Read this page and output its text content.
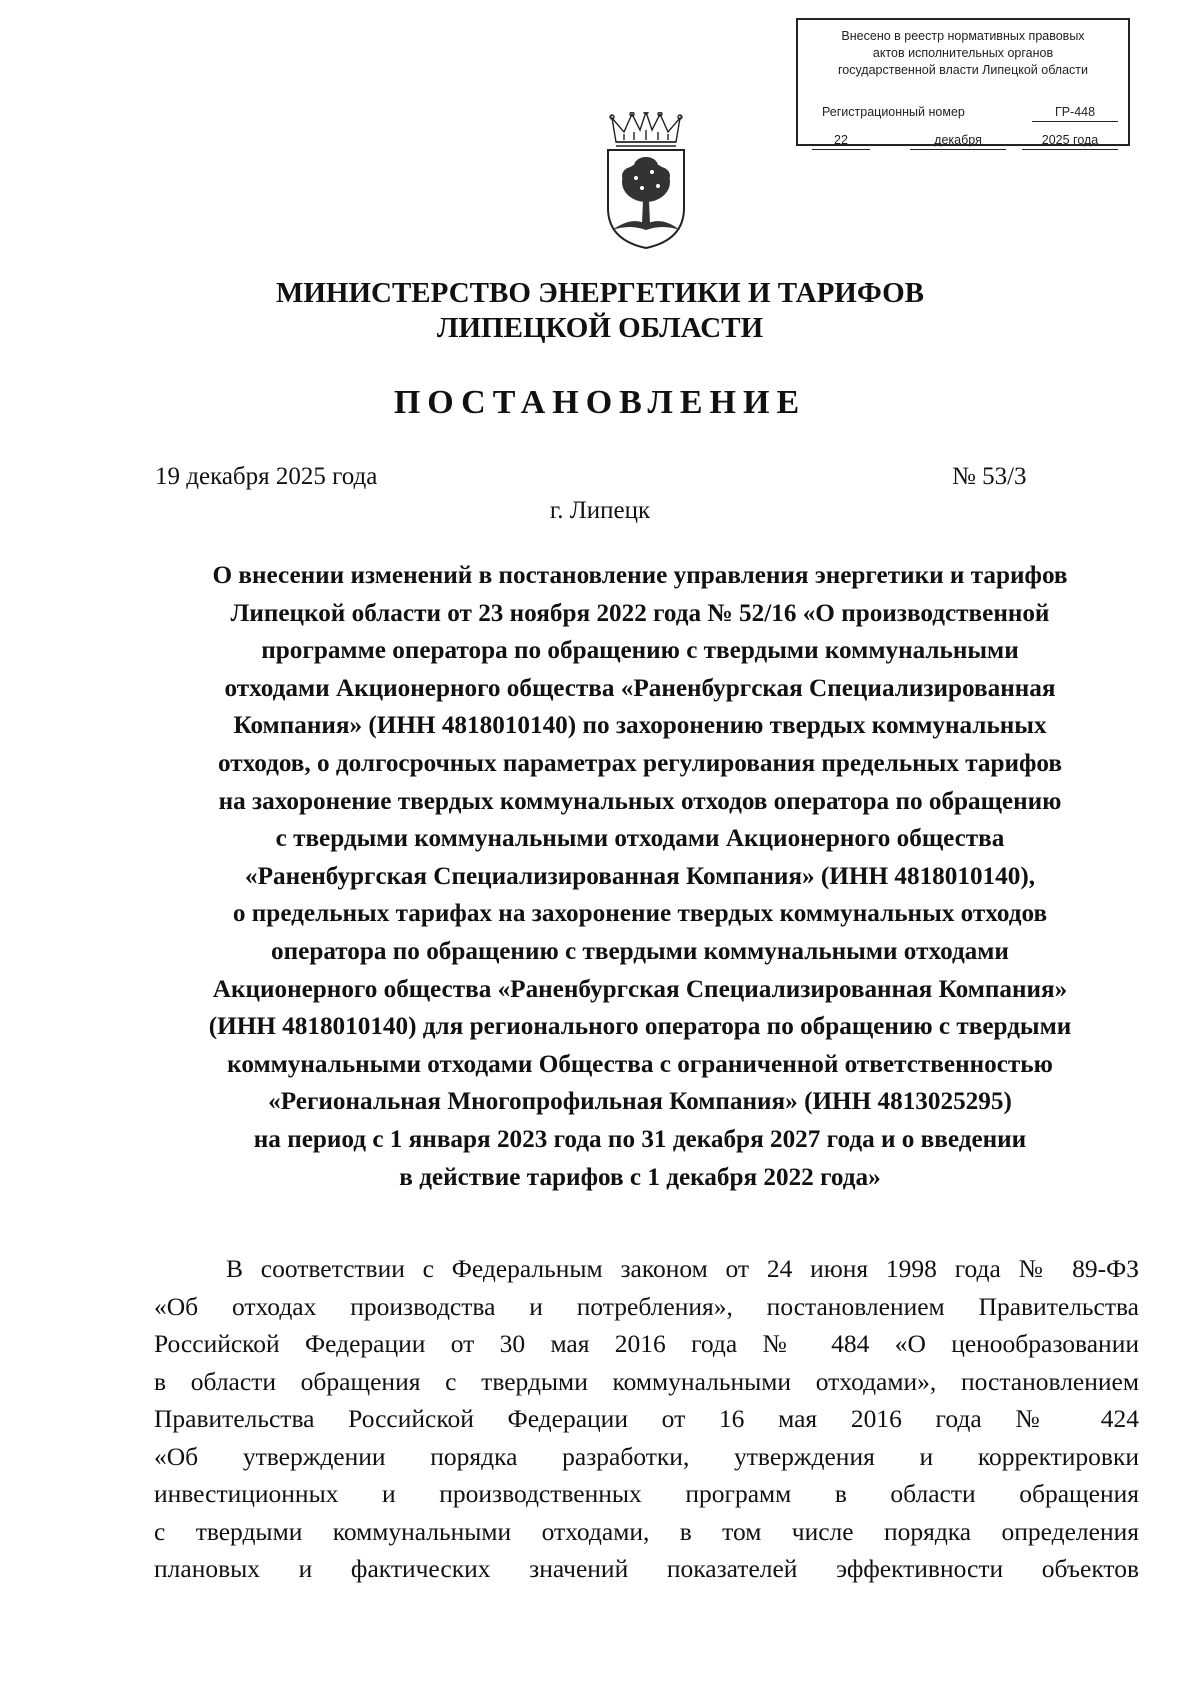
Внесено в реестр нормативных правовых
актов исполнительных органов
государственной власти Липецкой области
Регистрационный номер	ГР-448
22	декабря	2025 года
МИНИСТЕРСТВО ЭНЕРГЕТИКИ И ТАРИФОВ
ЛИПЕЦКОЙ ОБЛАСТИ
ПОСТАНОВЛЕНИЕ
19 декабря 2025 года	№ 53/3
г. Липецк
О внесении изменений в постановление управления энергетики и тарифов
Липецкой области от 23 ноября 2022 года № 52/16 «О производственной
программе оператора по обращению с твердыми коммунальными
отходами Акционерного общества «Раненбургская Специализированная
Компания» (ИНН 4818010140) по захоронению твердых коммунальных
отходов, о долгосрочных параметрах регулирования предельных тарифов
на захоронение твердых коммунальных отходов оператора по обращению
с твердыми коммунальными отходами Акционерного общества
«Раненбургская Специализированная Компания» (ИНН 4818010140),
о предельных тарифах на захоронение твердых коммунальных отходов
оператора по обращению с твердыми коммунальными отходами
Акционерного общества «Раненбургская Специализированная Компания»
(ИНН 4818010140) для регионального оператора по обращению с твердыми
коммунальными отходами Общества с ограниченной ответственностью
«Региональная Многопрофильная Компания» (ИНН 4813025295)
на период с 1 января 2023 года по 31 декабря 2027 года и о введении
в действие тарифов с 1 декабря 2022 года»
В соответствии с Федеральным законом от 24 июня 1998 года № 89-ФЗ
«Об отходах производства и потребления», постановлением Правительства
Российской Федерации от 30 мая 2016 года № 484 «О ценообразовании
в области обращения с твердыми коммунальными отходами», постановлением
Правительства Российской Федерации от 16 мая 2016 года № 424
«Об утверждении порядка разработки, утверждения и корректировки
инвестиционных и производственных программ в области обращения
с твердыми коммунальными отходами, в том числе порядка определения
плановых и фактических значений показателей эффективности объектов
